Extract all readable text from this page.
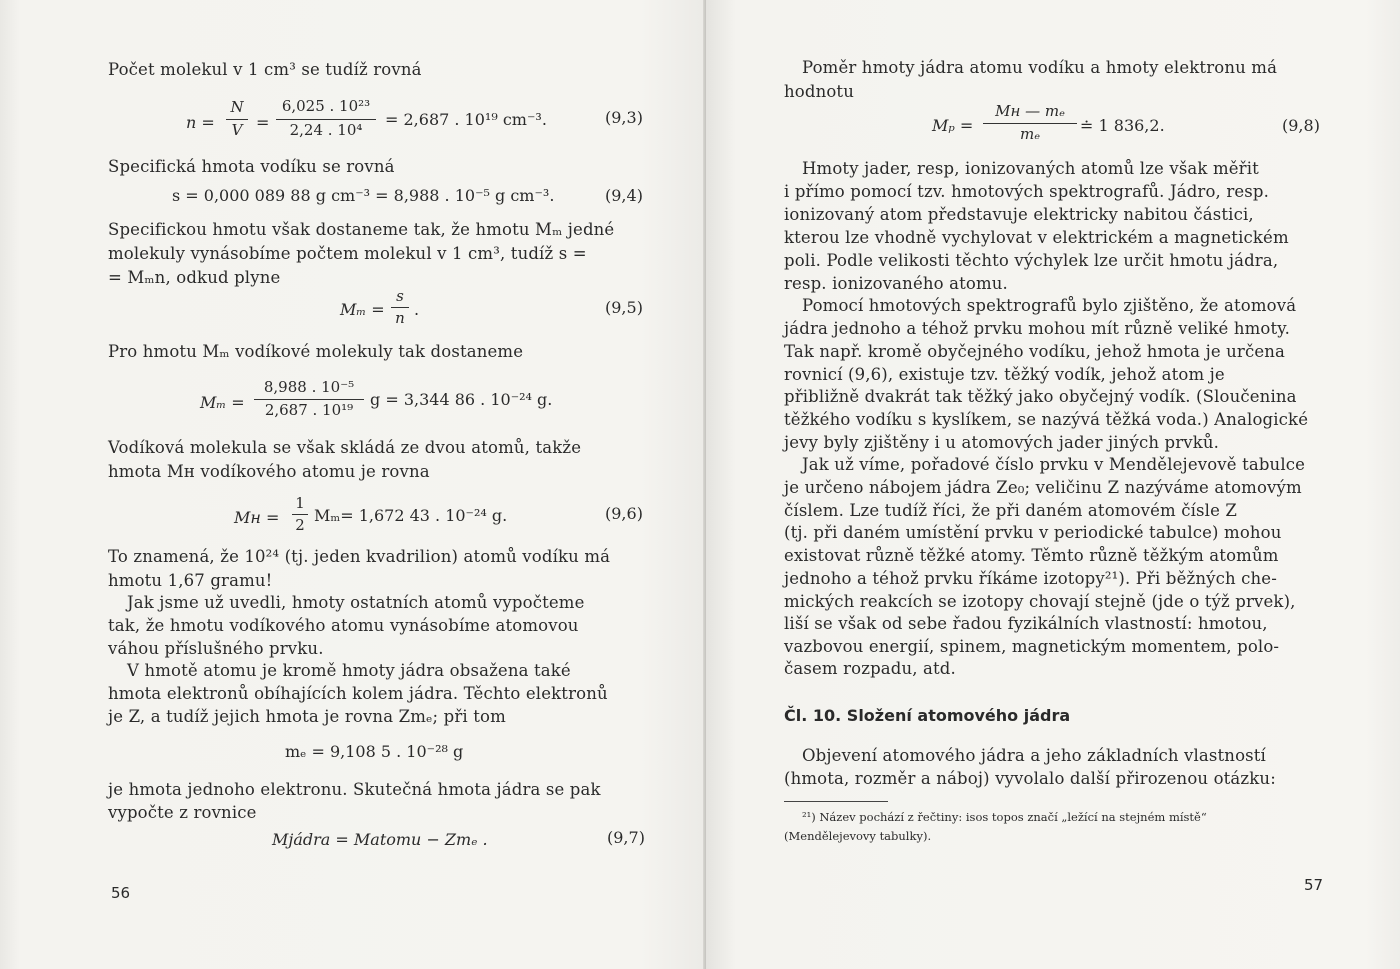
Počet molekul v 1 cm³ se tudíž rovná
n =
N
V =
6,025 . 10²³
2,24 . 10⁴
= 2,687 . 10¹⁹ cm⁻³.	(9,3)
Specifická hmota vodíku se rovná
s = 0,000 089 88 g cm⁻³ = 8,988 . 10⁻⁵ g cm⁻³.	(9,4)
Specifickou hmotu však dostaneme tak, že hmotu Mₘ jedné
molekuly vynásobíme počtem molekul v 1 cm³, tudíž s =
= Mₘn, odkud plyne
Mₘ =
s
n .	(9,5)
Pro hmotu Mₘ vodíkové molekuly tak dostaneme
Mₘ =
8,988 . 10⁻⁵
2,687 . 10¹⁹
g = 3,344 86 . 10⁻²⁴ g.
Vodíková molekula se však skládá ze dvou atomů, takže
hmota Mн vodíkového atomu je rovna
Mн =
1
2 Mₘ= 1,672 43 . 10⁻²⁴ g.	(9,6)
To znamená, že 10²⁴ (tj. jeden kvadrilion) atomů vodíku má
hmotu 1,67 gramu!
Jak jsme už uvedli, hmoty ostatních atomů vypočteme
tak, že hmotu vodíkového atomu vynásobíme atomovou
váhou příslušného prvku.
V hmotě atomu je kromě hmoty jádra obsažena také
hmota elektronů obíhajících kolem jádra. Těchto elektronů
je Z, a tudíž jejich hmota je rovna Zmₑ; při tom
mₑ = 9,108 5 . 10⁻²⁸ g
je hmota jednoho elektronu. Skutečná hmota jádra se pak
vypočte z rovnice
Mjádra = Matomu − Zmₑ .	(9,7)
56
Poměr hmoty jádra atomu vodíku a hmoty elektronu má
hodnotu
Mₚ =
Mн — mₑ
mₑ	≐ 1 836,2.	(9,8)
Hmoty jader, resp, ionizovaných atomů lze však měřit
i přímo pomocí tzv. hmotových spektrografů. Jádro, resp.
ionizovaný atom představuje elektricky nabitou částici,
kterou lze vhodně vychylovat v elektrickém a magnetickém
poli. Podle velikosti těchto výchylek lze určit hmotu jádra,
resp. ionizovaného atomu.
Pomocí hmotových spektrografů bylo zjištěno, že atomová
jádra jednoho a téhož prvku mohou mít různě veliké hmoty.
Tak např. kromě obyčejného vodíku, jehož hmota je určena
rovnicí (9,6), existuje tzv. těžký vodík, jehož atom je
přibližně dvakrát tak těžký jako obyčejný vodík. (Sloučenina
těžkého vodíku s kyslíkem, se nazývá těžká voda.) Analogické
jevy byly zjištěny i u atomových jader jiných prvků.
Jak už víme, pořadové číslo prvku v Mendělejevově tabulce
je určeno nábojem jádra Ze₀; veličinu Z nazýváme atomovým
číslem. Lze tudíž říci, že při daném atomovém čísle Z
(tj. při daném umístění prvku v periodické tabulce) mohou
existovat různě těžké atomy. Těmto různě těžkým atomům
jednoho a téhož prvku říkáme izotopy²¹). Při běžných che-
mických reakcích se izotopy chovají stejně (jde o týž prvek),
liší se však od sebe řadou fyzikálních vlastností: hmotou,
vazbovou energií, spinem, magnetickým momentem, polo-
časem rozpadu, atd.
Čl. 10. Složení atomového jádra
Objevení atomového jádra a jeho základních vlastností
(hmota, rozměr a náboj) vyvolalo další přirozenou otázku:
²¹) Název pochází z řečtiny: isos topos značí „ležící na stejném místě“
(Mendělejevovy tabulky).
57
